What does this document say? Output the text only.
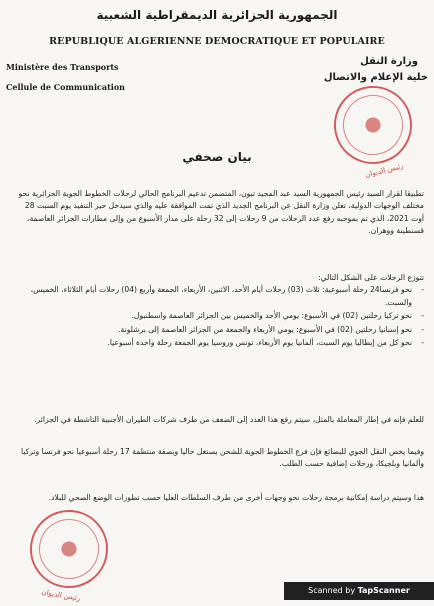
الجمهورية الجزائرية الديمقراطية الشعبية
REPUBLIQUE ALGERIENNE DEMOCRATIQUE ET POPULAIRE
Ministère des Transports
Cellule de Communication
وزارة النقل
خلية الإعلام والاتصال
رئيس الديوان
بيان صحفي
تطبيقا لقرار السيد رئيس الجمهورية السيد عبد المجيد تبون، المتضمن تدعيم البرنامج الحالي لرحلات الخطوط الجوية الجزائرية نحو مختلف الوجهات الدولية، تعلن وزارة النقل عن البرنامج الجديد الذي تمت الموافقة عليه والذي سيدخل حيز التنفيذ يوم السبت 28 أوت 2021، الذي تم بموجبه رفع عدد الرحلات من 9 رحلات إلى 32 رحلة على مدار الأسبوع من وإلى مطارات الجزائر العاصمة، قسنطينة ووهران.
تتوزع الرحلات على الشكل التالي:
- نحو فرنسا24 رحلة أسبوعية: ثلاث (03) رحلات أيام الأحد، الاثنين، الأربعاء، الجمعة وأربع (04) رحلات أيام الثلاثاء، الخميس، والسبت.
- نحو تركيا رحلتين (02) في الأسبوع: يومي الأحد والخميس بين الجزائر العاصمة واسطنبول.
- نحو إسبانيا رحلتين (02) في الأسبوع: يومي الأربعاء والجمعة من الجزائر العاصمة إلى برشلونة.
- نحو كل من إيطاليا يوم السبت، ألمانيا يوم الأربعاء، تونس وروسيا يوم الجمعة رحلة واحدة أسبوعيا.
للعلم فإنه في إطار المعاملة بالمثل، سيتم رفع هذا العدد إلى الضعف من طرف شركات الطيران الأجنبية الناشطة في الجزائر.
وفيما يخص النقل الجوي للبضائع فإن فرع الخطوط الجوية للشحن يستغل حاليا وبصفة منتظمة 17 رحلة أسبوعيا نحو فرنسا وتركيا وألمانيا وبلجيكا، ورحلات إضافية حسب الطلب.
هذا وسيتم دراسة إمكانية برمجة رحلات نحو وجهات أخرى من طرف السلطات العليا حسب تطورات الوضع الصحي للبلاد.
رئيس الديوان	Scanned by TapScanner
